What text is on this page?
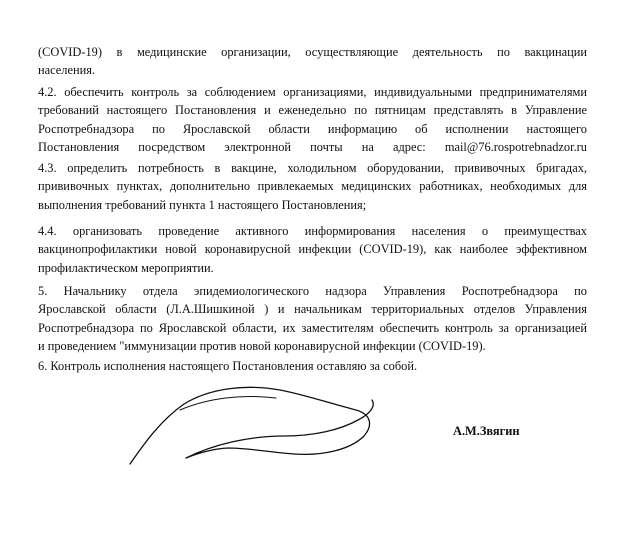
(COVID-19) в медицинские организации, осуществляющие деятельность по вакцинации
населения.
4.2. обеспечить контроль за соблюдением организациями, индивидуальными предпринимателями
требований настоящего Постановления и еженедельно по пятницам представлять в Управление
Роспотребнадзора по Ярославской области информацию об исполнении настоящего
Постановления посредством электронной почты на адрес: mail@76.rospotrebnadzor.ru
4.3. определить потребность в вакцине, холодильном оборудовании, прививочных бригадах,
прививочных пунктах, дополнительно привлекаемых медицинских работниках, необходимых для
выполнения требований пункта 1 настоящего Постановления;
4.4. организовать проведение активного информирования населения о преимуществах
вакцинопрофилактики новой коронавирусной инфекции (COVID-19), как наиболее эффективном
профилактическом мероприятии.
5. Начальнику отдела эпидемиологического надзора Управления Роспотребнадзора по
Ярославской области (Л.А.Шишкиной ) и начальникам территориальных отделов Управления
Роспотребнадзора по Ярославской области, их заместителям обеспечить контроль за организацией
и проведением "иммунизации против новой коронавирусной инфекции (COVID-19).
6. Контроль исполнения настоящего Постановления оставляю за собой.
А.М.Звягин
